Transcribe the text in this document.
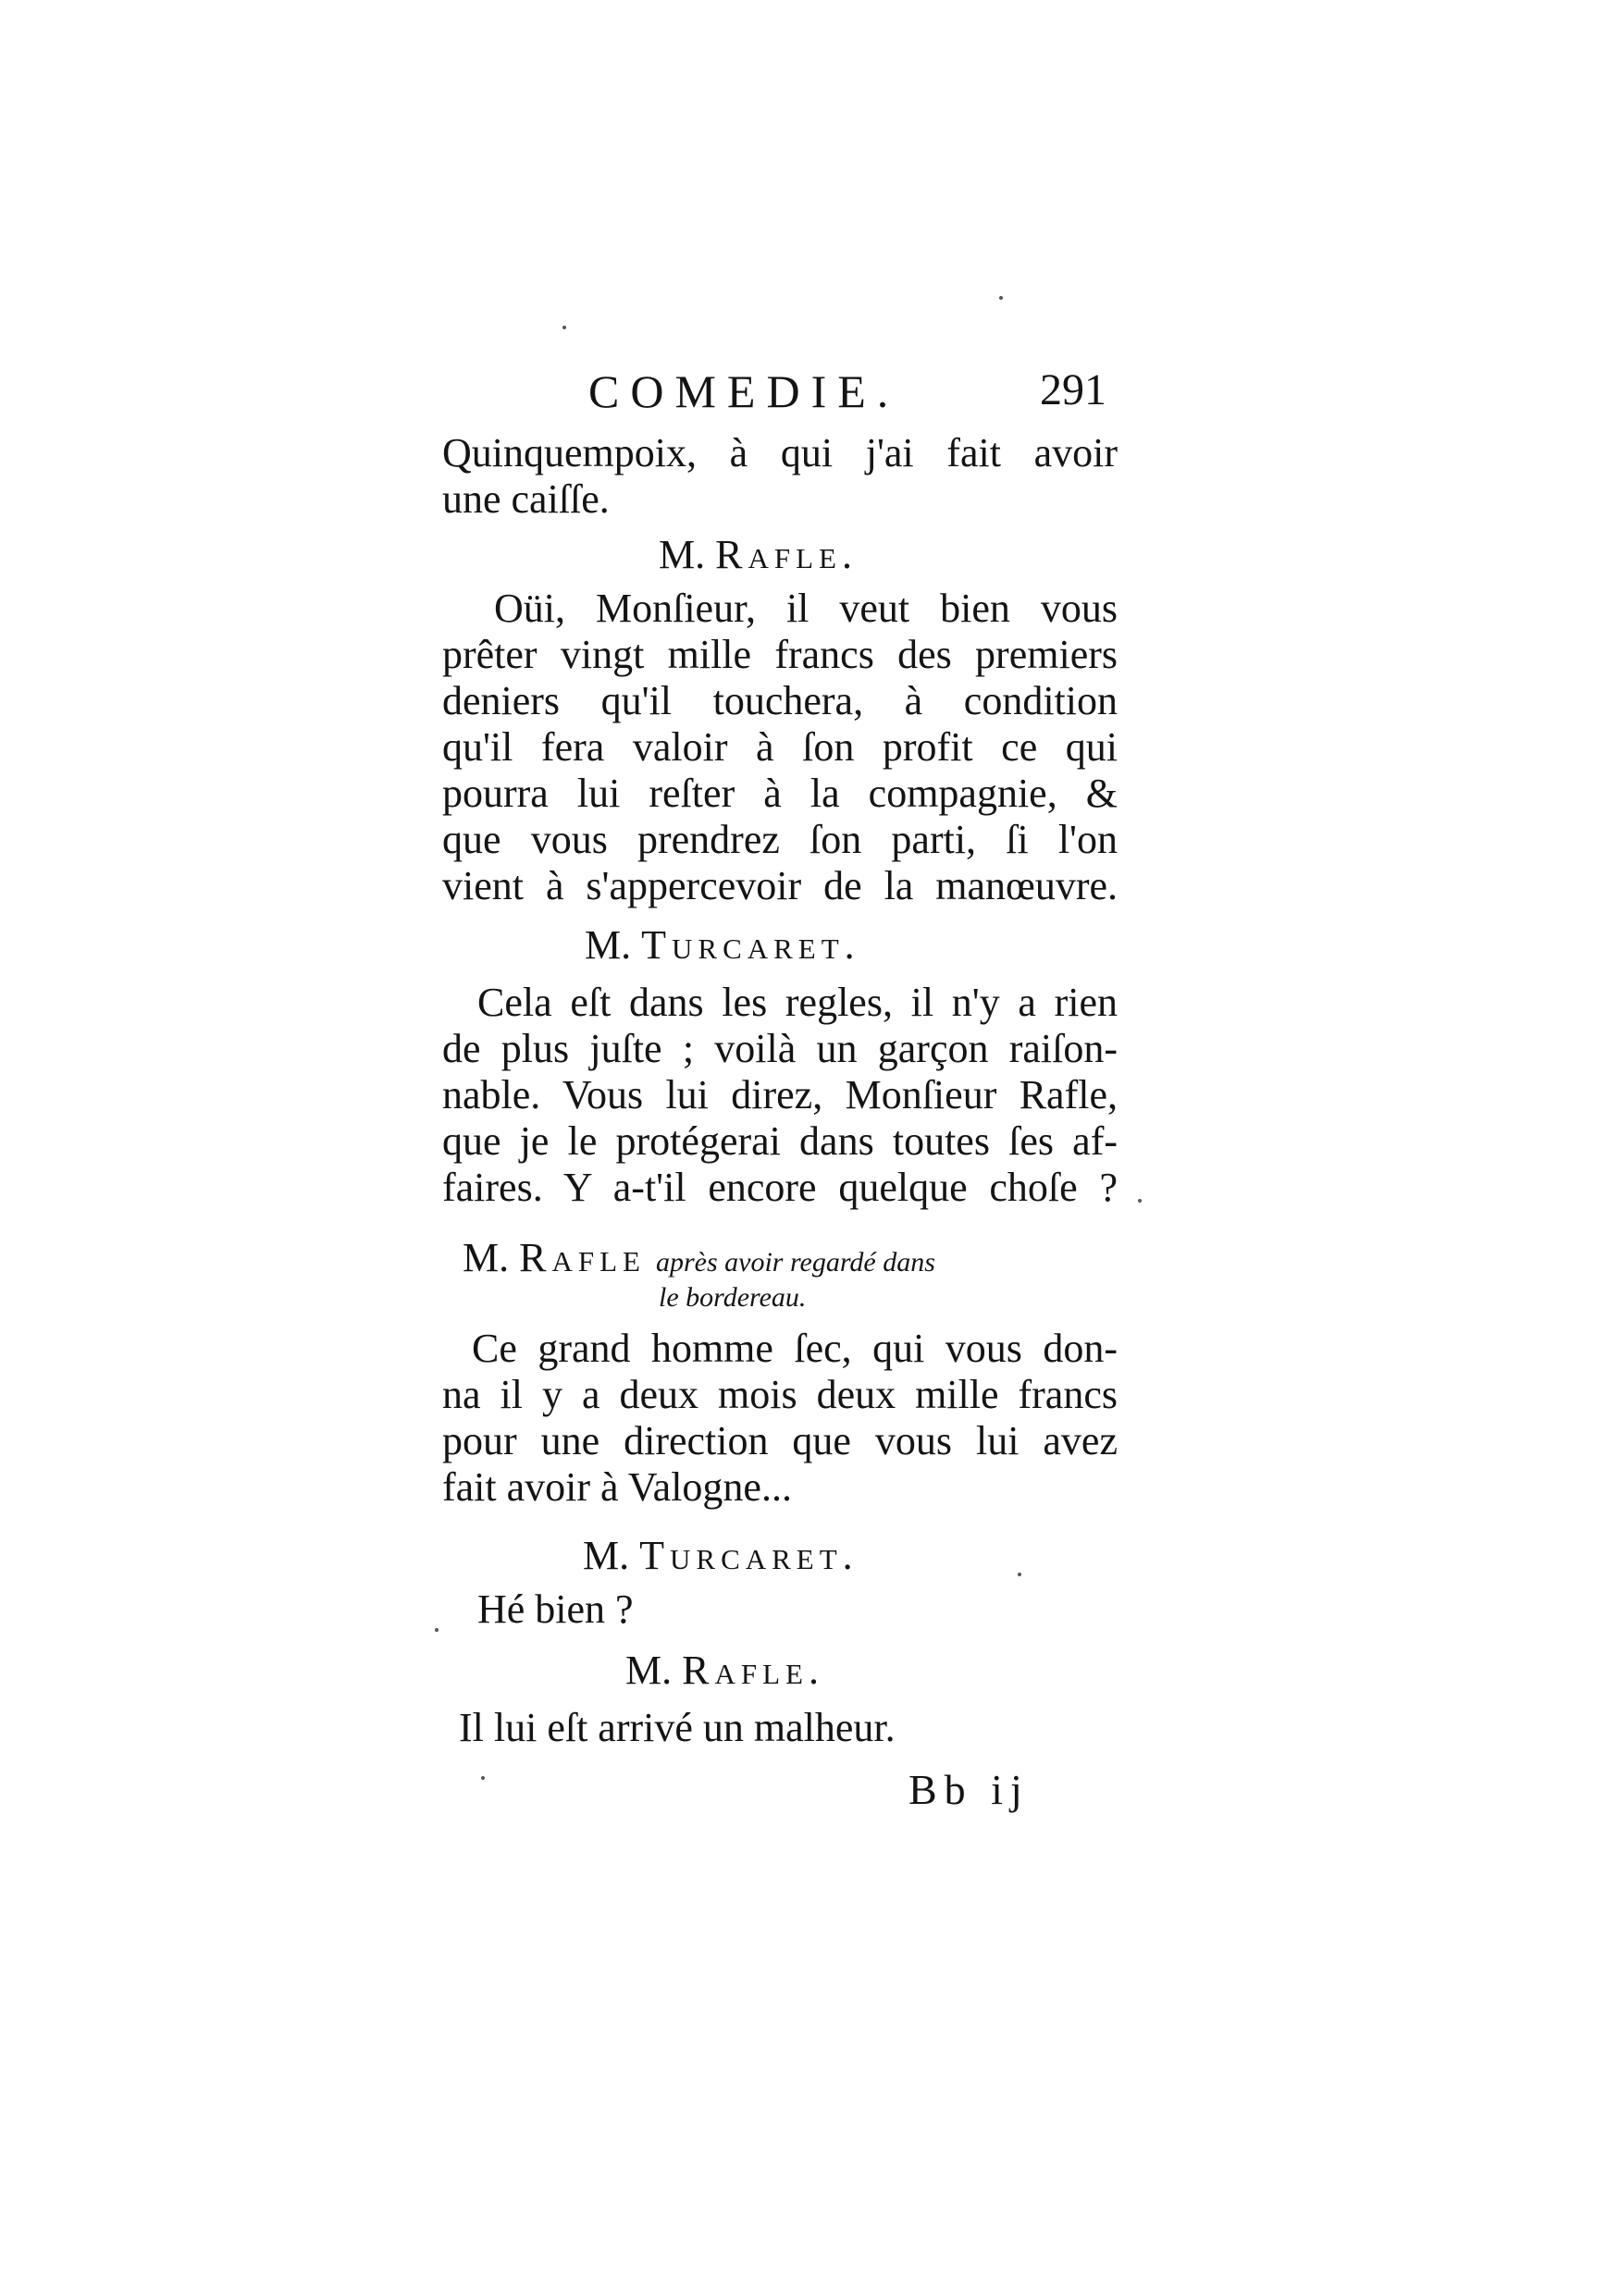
COMEDIE.	291
Quinquempoix, à qui j'ai fait avoir
une caiſſe.
M. Rafle.
Oüi, Monſieur, il veut bien vous
prêter vingt mille francs des premiers
deniers qu'il touchera, à condition
qu'il fera valoir à ſon profit ce qui
pourra lui reſter à la compagnie, &
que vous prendrez ſon parti, ſi l'on
vient à s'appercevoir de la manœuvre.
M. Turcaret.
Cela eſt dans les regles, il n'y a rien
de plus juſte ; voilà un garçon raiſon-
nable. Vous lui direz, Monſieur Rafle,
que je le protégerai dans toutes ſes af-
faires. Y a-t'il encore quelque choſe ?
M. Rafle après avoir regardé dans
le bordereau.
Ce grand homme ſec, qui vous don-
na il y a deux mois deux mille francs
pour une direction que vous lui avez
fait avoir à Valogne...
M. Turcaret.
Hé bien ?
M. Rafle.
Il lui eſt arrivé un malheur.
Bb ij
